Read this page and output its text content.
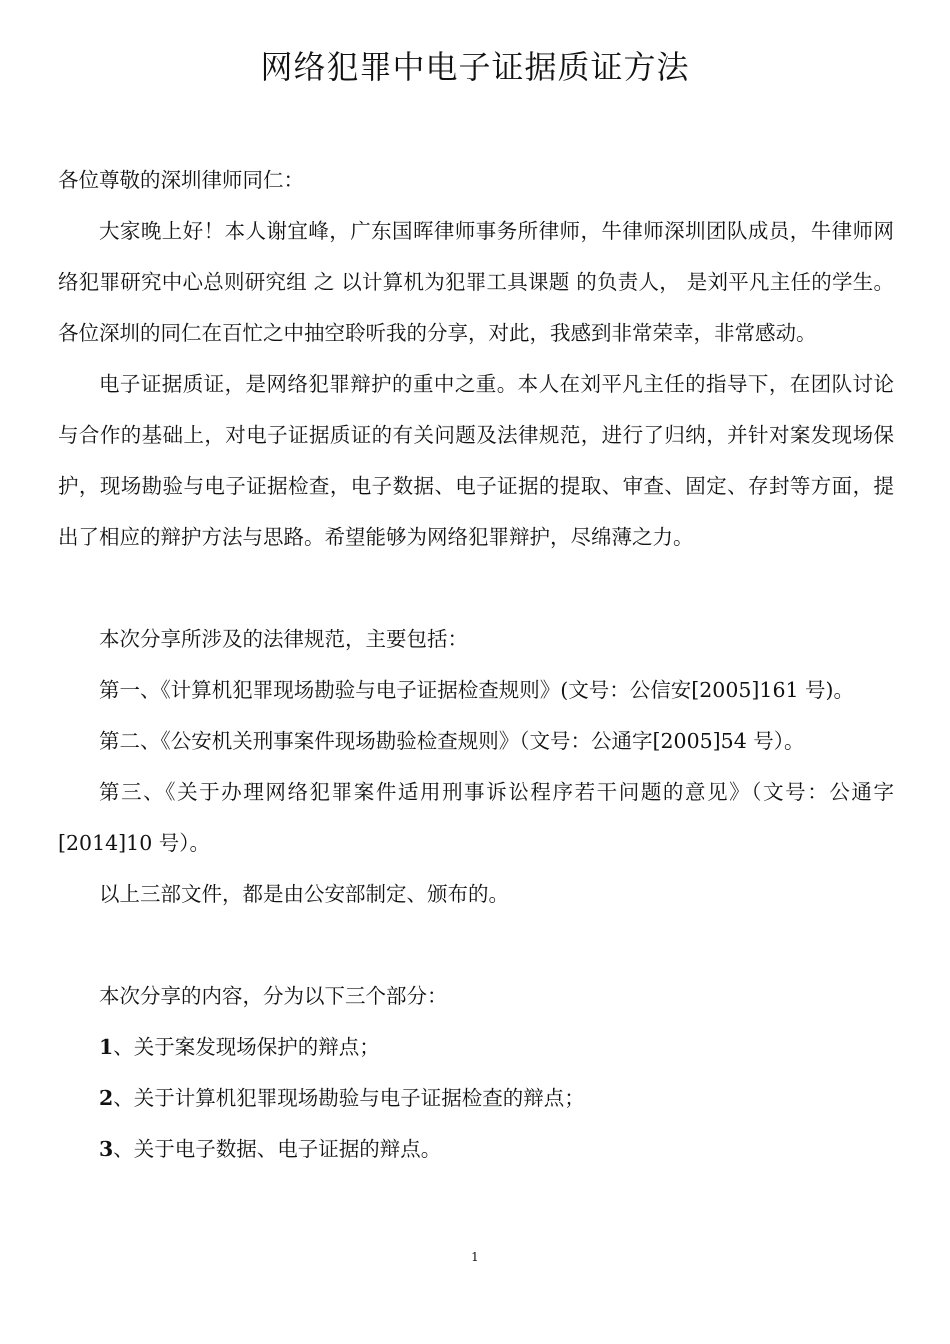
网络犯罪中电子证据质证方法

各位尊敬的深圳律师同仁：

大家晚上好！本人谢宜峰，广东国晖律师事务所律师，牛律师深圳团队成员，牛律师网络犯罪研究中心总则研究组 之 以计算机为犯罪工具课题 的负责人， 是刘平凡主任的学生。各位深圳的同仁在百忙之中抽空聆听我的分享，对此，我感到非常荣幸，非常感动。

电子证据质证，是网络犯罪辩护的重中之重。本人在刘平凡主任的指导下，在团队讨论与合作的基础上，对电子证据质证的有关问题及法律规范，进行了归纳，并针对案发现场保护，现场勘验与电子证据检查，电子数据、电子证据的提取、审查、固定、存封等方面，提出了相应的辩护方法与思路。希望能够为网络犯罪辩护，尽绵薄之力。

本次分享所涉及的法律规范，主要包括：

第一、《计算机犯罪现场勘验与电子证据检查规则》(文号：公信安[2005]161 号)。

第二、《公安机关刑事案件现场勘验检查规则》（文号：公通字[2005]54 号）。

第三、《关于办理网络犯罪案件适用刑事诉讼程序若干问题的意见》（文号：公通字[2014]10 号）。

以上三部文件，都是由公安部制定、颁布的。

本次分享的内容，分为以下三个部分：

1、关于案发现场保护的辩点；

2、关于计算机犯罪现场勘验与电子证据检查的辩点；

3、关于电子数据、电子证据的辩点。

1
